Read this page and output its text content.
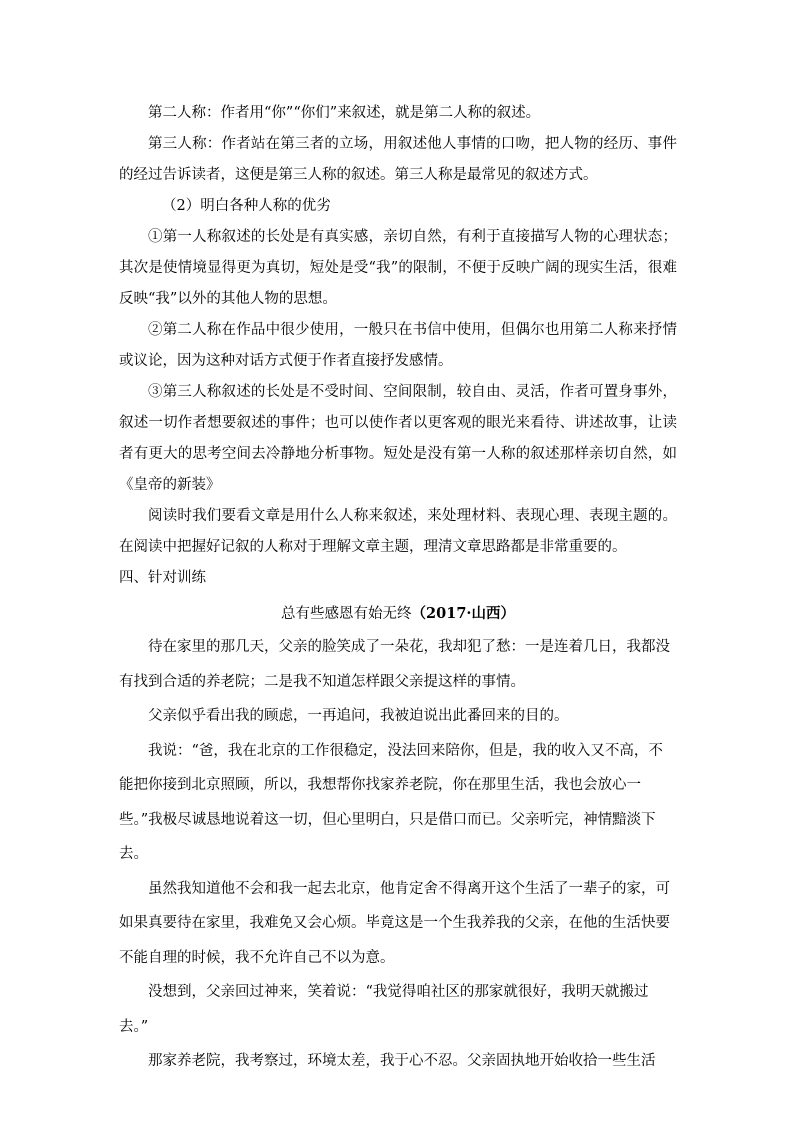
第二人称：作者用“你”“你们”来叙述，就是第二人称的叙述。

第三人称：作者站在第三者的立场，用叙述他人事情的口吻，把人物的经历、事件的经过告诉读者，这便是第三人称的叙述。第三人称是最常见的叙述方式。

（2）明白各种人称的优劣

①第一人称叙述的长处是有真实感，亲切自然，有利于直接描写人物的心理状态；其次是使情境显得更为真切，短处是受“我”的限制，不便于反映广阔的现实生活，很难反映“我”以外的其他人物的思想。

②第二人称在作品中很少使用，一般只在书信中使用，但偶尔也用第二人称来抒情或议论，因为这种对话方式便于作者直接抒发感情。

③第三人称叙述的长处是不受时间、空间限制，较自由、灵活，作者可置身事外，叙述一切作者想要叙述的事件；也可以使作者以更客观的眼光来看待、讲述故事，让读者有更大的思考空间去冷静地分析事物。短处是没有第一人称的叙述那样亲切自然，如《皇帝的新装》

阅读时我们要看文章是用什么人称来叙述，来处理材料、表现心理、表现主题的。在阅读中把握好记叙的人称对于理解文章主题，理清文章思路都是非常重要的。

四、针对训练

总有些感恩有始无终（2017·山西）

待在家里的那几天，父亲的脸笑成了一朵花，我却犯了愁：一是连着几日，我都没有找到合适的养老院；二是我不知道怎样跟父亲提这样的事情。

父亲似乎看出我的顾虑，一再追问，我被迫说出此番回来的目的。

我说：“爸，我在北京的工作很稳定，没法回来陪你，但是，我的收入又不高，不能把你接到北京照顾，所以，我想帮你找家养老院，你在那里生活，我也会放心一些。”我极尽诚恳地说着这一切，但心里明白，只是借口而已。父亲听完，神情黯淡下去。

虽然我知道他不会和我一起去北京，他肯定舍不得离开这个生活了一辈子的家，可如果真要待在家里，我难免又会心烦。毕竟这是一个生我养我的父亲，在他的生活快要不能自理的时候，我不允许自己不以为意。

没想到，父亲回过神来，笑着说：“我觉得咱社区的那家就很好，我明天就搬过去。”

那家养老院，我考察过，环境太差，我于心不忍。父亲固执地开始收拾一些生活
